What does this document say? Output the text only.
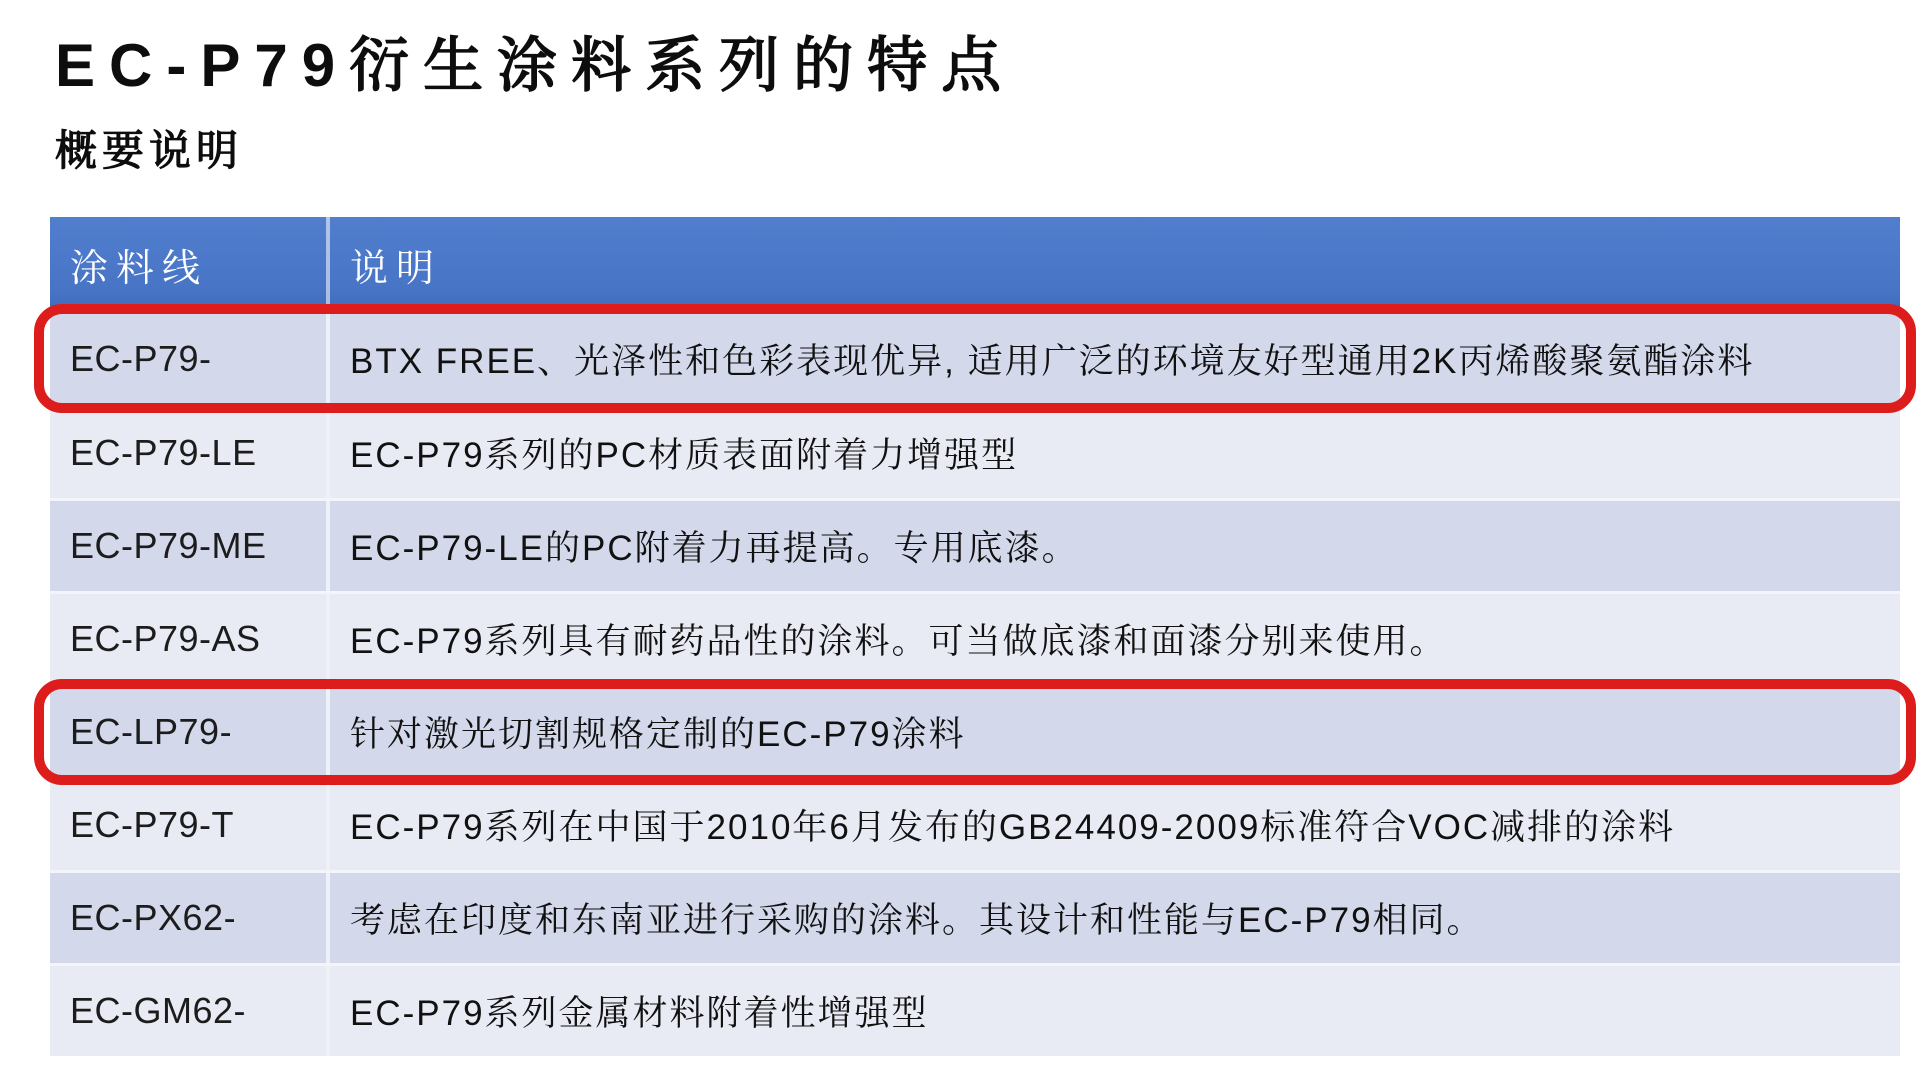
EC-P79衍生涂料系列的特点
概要说明
涂料线	说明
EC-P79-	BTX FREE、光泽性和色彩表现优异, 适用广泛的环境友好型通用2K丙烯酸聚氨酯涂料
EC-P79-LE	EC-P79系列的PC材质表面附着力增强型
EC-P79-ME	EC-P79-LE的PC附着力再提高。专用底漆。
EC-P79-AS	EC-P79系列具有耐药品性的涂料。可当做底漆和面漆分别来使用。
EC-LP79-	针对激光切割规格定制的EC-P79涂料
EC-P79-T	EC-P79系列在中国于2010年6月发布的GB24409-2009标准符合VOC减排的涂料
EC-PX62-	考虑在印度和东南亚进行采购的涂料。其设计和性能与EC-P79相同。
EC-GM62-	EC-P79系列金属材料附着性增强型
